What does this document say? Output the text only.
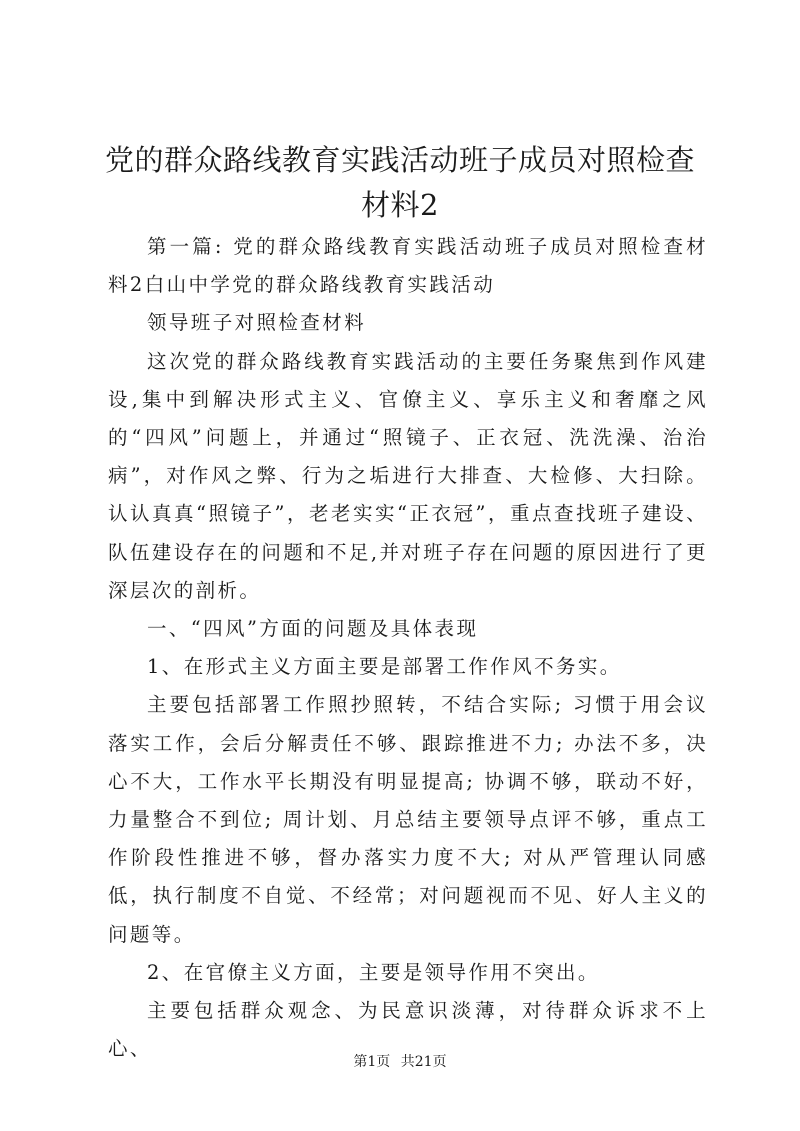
党的群众路线教育实践活动班子成员对照检查材料2

第一篇: 党的群众路线教育实践活动班子成员对照检查材料2白山中学党的群众路线教育实践活动

领导班子对照检查材料

这次党的群众路线教育实践活动的主要任务聚焦到作风建设,集中到解决形式主义、官僚主义、享乐主义和奢靡之风的“四风”问题上，并通过“照镜子、正衣冠、洗洗澡、治治病”，对作风之弊、行为之垢进行大排查、大检修、大扫除。认认真真“照镜子”，老老实实“正衣冠”，重点查找班子建设、队伍建设存在的问题和不足,并对班子存在问题的原因进行了更深层次的剖析。

一、“四风”方面的问题及具体表现

1、在形式主义方面主要是部署工作作风不务实。

主要包括部署工作照抄照转，不结合实际; 习惯于用会议落实工作，会后分解责任不够、跟踪推进不力; 办法不多，决心不大，工作水平长期没有明显提高; 协调不够，联动不好，力量整合不到位; 周计划、月总结主要领导点评不够，重点工作阶段性推进不够，督办落实力度不大; 对从严管理认同感低，执行制度不自觉、不经常；对问题视而不见、好人主义的问题等。

2、在官僚主义方面，主要是领导作用不突出。

主要包括群众观念、为民意识淡薄，对待群众诉求不上心、

第1页 共21页
